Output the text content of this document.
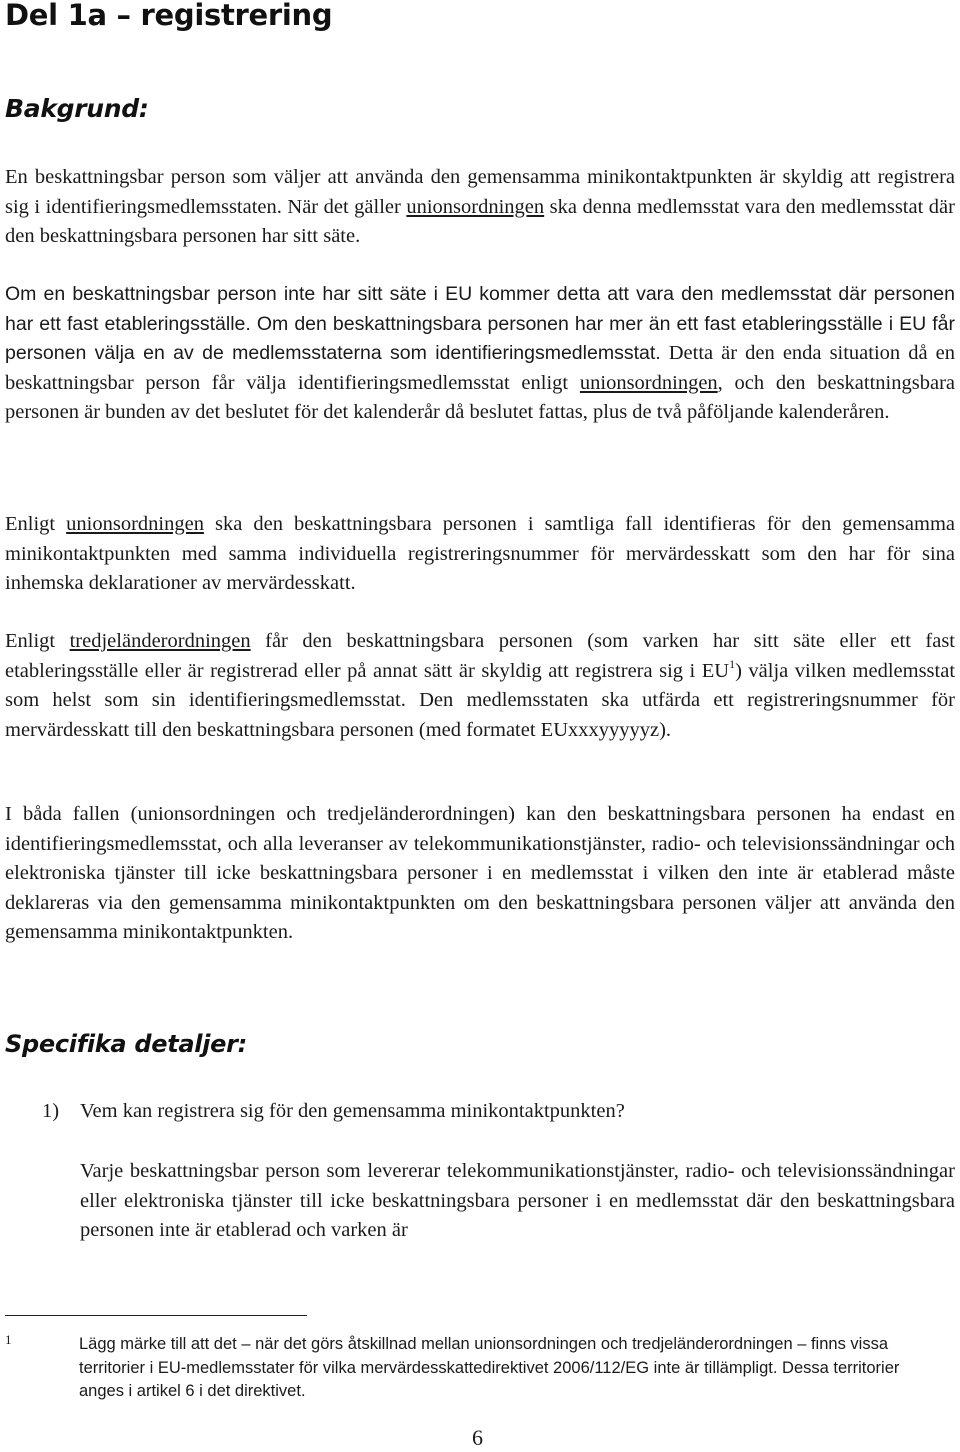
Del 1a – registrering
Bakgrund:

En beskattningsbar person som väljer att använda den gemensamma minikontaktpunkten är skyldig att registrera sig i identifieringsmedlemsstaten. När det gäller unionsordningen ska denna medlemsstat vara den medlemsstat där den beskattningsbara personen har sitt säte.

Om en beskattningsbar person inte har sitt säte i EU kommer detta att vara den medlemsstat där personen har ett fast etableringsställe. Om den beskattningsbara personen har mer än ett fast etableringsställe i EU får personen välja en av de medlemsstaterna som identifieringsmedlemsstat. Detta är den enda situation då en beskattningsbar person får välja identifieringsmedlemsstat enligt unionsordningen, och den beskattningsbara personen är bunden av det beslutet för det kalenderår då beslutet fattas, plus de två påföljande kalenderåren.

Enligt unionsordningen ska den beskattningsbara personen i samtliga fall identifieras för den gemensamma minikontaktpunkten med samma individuella registreringsnummer för mervärdesskatt som den har för sina inhemska deklarationer av mervärdesskatt.

Enligt tredjeländerordningen får den beskattningsbara personen (som varken har sitt säte eller ett fast etableringsställe eller är registrerad eller på annat sätt är skyldig att registrera sig i $EU^1$) välja vilken medlemsstat som helst som sin identifieringsmedlemsstat. Den medlemsstaten ska utfärda ett registreringsnummer för mervärdesskatt till den beskattningsbara personen (med formatet EUxxxyyyyyz).

I båda fallen (unionsordningen och tredjeländerordningen) kan den beskattningsbara personen ha endast en identifieringsmedlemsstat, och alla leveranser av telekommunikationstjänster, radio- och televisionssändningar och elektroniska tjänster till icke beskattningsbara personer i en medlemsstat i vilken den inte är etablerad måste deklareras via den gemensamma minikontaktpunkten om den beskattningsbara personen väljer att använda den gemensamma minikontaktpunkten.

Specifika detaljer:

1) Vem kan registrera sig för den gemensamma minikontaktpunkten?

Varje beskattningsbar person som levererar telekommunikationstjänster, radio- och televisionssändningar eller elektroniska tjänster till icke beskattningsbara personer i en medlemsstat där den beskattningsbara personen inte är etablerad och varken är

1	Lägg märke till att det – när det görs åtskillnad mellan unionsordningen och tredjeländerordningen – finns vissa territorier i EU-medlemsstater för vilka mervärdesskattedirektivet 2006/112/EG inte är tillämpligt. Dessa territorier anges i artikel 6 i det direktivet.

6
